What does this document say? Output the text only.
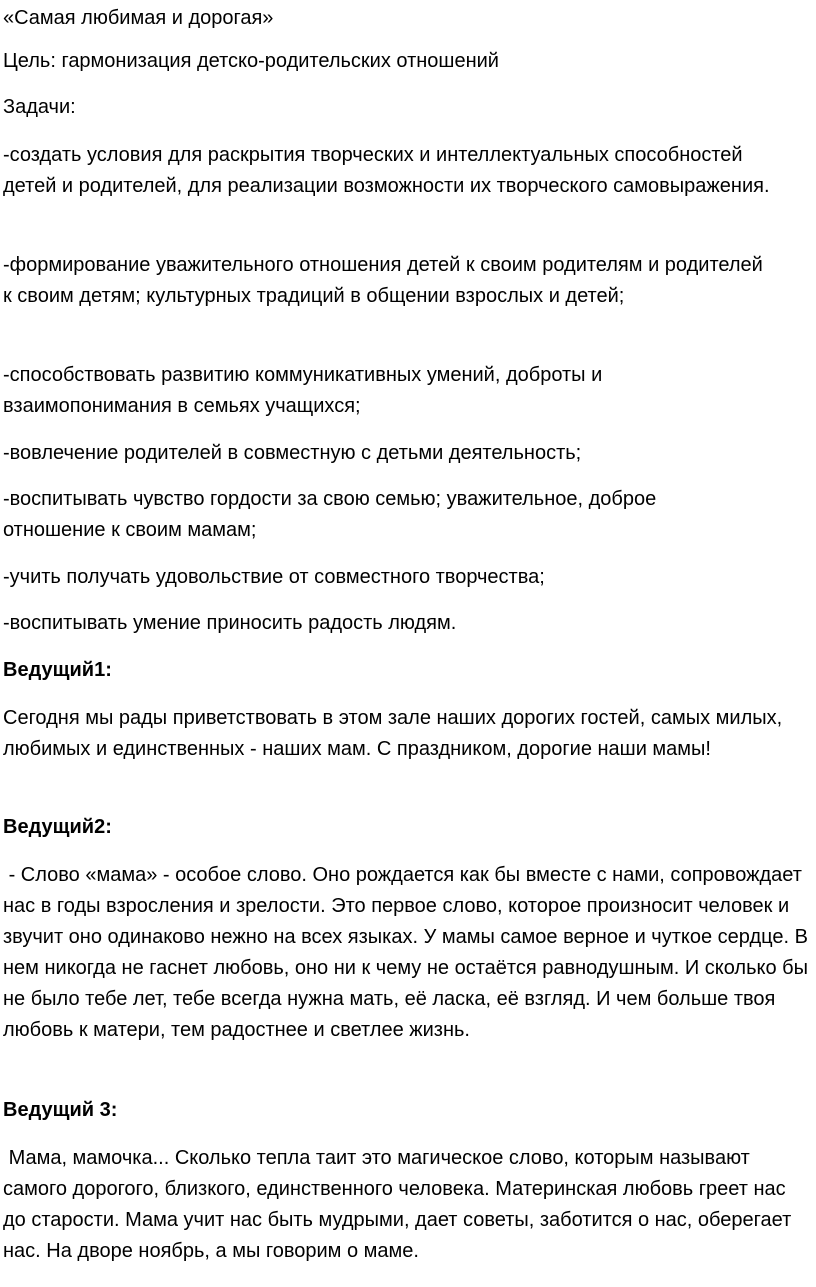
«Самая любимая и дорогая»

Цель: гармонизация детско-родительских отношений

Задачи:

-создать условия для раскрытия творческих и интеллектуальных способностей детей и родителей, для реализации возможности их творческого самовыражения.

-формирование уважительного отношения детей к своим родителям и родителей к своим детям; культурных традиций в общении взрослых и детей;

-способствовать развитию коммуникативных умений, доброты и взаимопонимания в семьях учащихся;

-вовлечение родителей в совместную с детьми деятельность;

-воспитывать чувство гордости за свою семью; уважительное, доброе отношение к своим мамам;

-учить получать удовольствие от совместного творчества;

-воспитывать умение приносить радость людям.

Ведущий1:

Сегодня мы рады приветствовать в этом зале наших дорогих гостей, самых милых, любимых и единственных - наших мам. С праздником, дорогие наши мамы!

Ведущий2:

- Слово «мама» - особое слово. Оно рождается как бы вместе с нами, сопровождает нас в годы взросления и зрелости. Это первое слово, которое произносит человек и звучит оно одинаково нежно на всех языках. У мамы самое верное и чуткое сердце. В нем никогда не гаснет любовь, оно ни к чему не остаётся равнодушным. И сколько бы не было тебе лет, тебе всегда нужна мать, её ласка, её взгляд. И чем больше твоя любовь к матери, тем радостнее и светлее жизнь.

Ведущий 3:

Мама, мамочка... Сколько тепла таит это магическое слово, которым называют самого дорогого, близкого, единственного человека. Материнская любовь греет нас до старости. Мама учит нас быть мудрыми, дает советы, заботится о нас, оберегает нас. На дворе ноябрь, а мы говорим о маме.
